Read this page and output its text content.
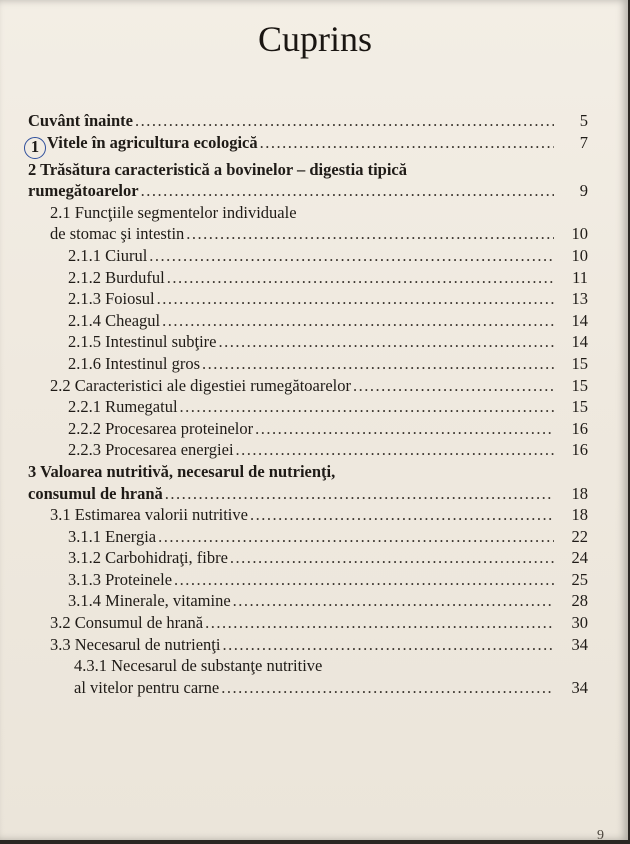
Cuprins
Cuvânt înainte .....	5
1 Vitele în agricultura ecologică .....	7
2 Trăsătura caracteristică a bovinelor – digestia tipică
rumegătoarelor .....	9
2.1 Funcţiile segmentelor individuale
de stomac şi intestin .....	10
2.1.1 Ciurul .....	10
2.1.2 Burduful .....	11
2.1.3 Foiosul .....	13
2.1.4 Cheagul .....	14
2.1.5 Intestinul subţire .....	14
2.1.6 Intestinul gros .....	15
2.2 Caracteristici ale digestiei rumegătoarelor .....	15
2.2.1 Rumegatul .....	15
2.2.2 Procesarea proteinelor .....	16
2.2.3 Procesarea energiei .....	16
3 Valoarea nutritivă, necesarul de nutrienţi,
consumul de hrană .....	18
3.1 Estimarea valorii nutritive .....	18
3.1.1 Energia .....	22
3.1.2 Carbohidraţi, fibre .....	24
3.1.3 Proteinele .....	25
3.1.4 Minerale, vitamine .....	28
3.2 Consumul de hrană .....	30
3.3 Necesarul de nutrienţi .....	34
4.3.1 Necesarul de substanţe nutritive
al vitelor pentru carne .....	34
9
